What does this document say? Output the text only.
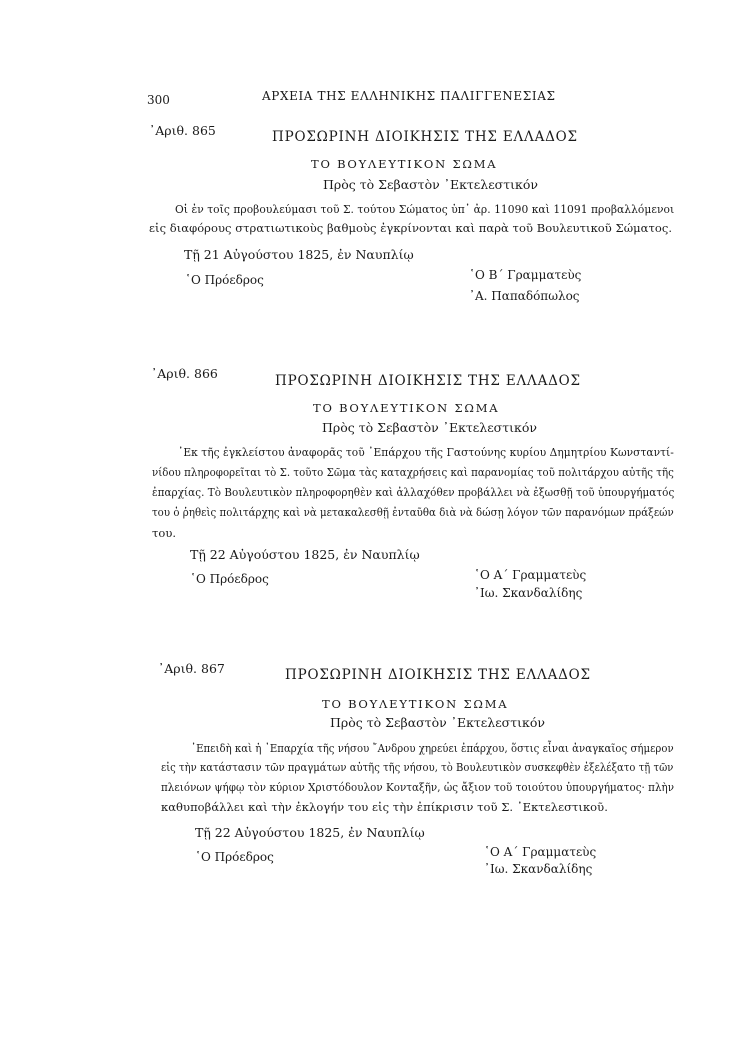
300	ΑΡΧΕΙΑ ΤΗΣ ΕΛΛΗΝΙΚΗΣ ΠΑΛΙΓΓΕΝΕΣΙΑΣ
᾽Αριθ. 865	ΠΡΟΣΩΡΙΝΗ ΔΙΟΙΚΗΣΙΣ ΤΗΣ ΕΛΛΑΔΟΣ
ΤΟ ΒΟΥΛΕΥΤΙΚΟΝ ΣΩΜΑ
Πρὸς τὸ Σεβαστὸν ᾽Εκτελεστικόν
Οἱ ἐν τοῖς προβουλεύμασι τοῦ Σ. τούτου Σώματος ὑπ᾽ ἀρ. 11090 καὶ 11091 προβαλλόμενοι
εἰς διαφόρους στρατιωτικοὺς βαθμοὺς ἐγκρίνονται καὶ παρὰ τοῦ Βουλευτικοῦ Σώματος.
Τῇ 21 Αὐγούστου 1825, ἐν Ναυπλίῳ
῾Ο Πρόεδρος	῾Ο Β΄ Γραμματεὺς
᾽Α. Παπαδόπωλος
᾽Αριθ. 866	ΠΡΟΣΩΡΙΝΗ ΔΙΟΙΚΗΣΙΣ ΤΗΣ ΕΛΛΑΔΟΣ
ΤΟ ΒΟΥΛΕΥΤΙΚΟΝ ΣΩΜΑ
Πρὸς τὸ Σεβαστὸν ᾽Εκτελεστικόν
᾽Εκ τῆς ἐγκλείστου ἀναφορᾶς τοῦ ᾽Επάρχου τῆς Γαστούνης κυρίου Δημητρίου Κωνσταντί-
νίδου πληροφορεῖται τὸ Σ. τοῦτο Σῶμα τὰς καταχρήσεις καὶ παρανομίας τοῦ πολιτάρχου αὐτῆς τῆς
ἐπαρχίας. Τὸ Βουλευτικὸν πληροφορηθὲν καὶ ἀλλαχόθεν προβάλλει νὰ ἐξωσθῇ τοῦ ὑπουργήματός
του ὁ ῥηθεὶς πολιτάρχης καὶ νὰ μετακαλεσθῇ ἐνταῦθα διὰ νὰ δώσῃ λόγον τῶν παρανόμων πράξεών
του.
Τῇ 22 Αὐγούστου 1825, ἐν Ναυπλίῳ
῾Ο Πρόεδρος	῾Ο Α΄ Γραμματεὺς
᾽Ιω. Σκανδαλίδης
᾽Αριθ. 867	ΠΡΟΣΩΡΙΝΗ ΔΙΟΙΚΗΣΙΣ ΤΗΣ ΕΛΛΑΔΟΣ
ΤΟ ΒΟΥΛΕΥΤΙΚΟΝ ΣΩΜΑ
Πρὸς τὸ Σεβαστὸν ᾽Εκτελεστικόν
᾽Επειδὴ καὶ ἡ ᾽Επαρχία τῆς νήσου ῎Ανδρου χηρεύει ἐπάρχου, ὅστις εἶναι ἀναγκαῖος σήμερον
εἰς τὴν κατάστασιν τῶν πραγμάτων αὐτῆς τῆς νήσου, τὸ Βουλευτικὸν συσκεφθὲν ἐξελέξατο τῇ τῶν
πλειόνων ψήφῳ τὸν κύριον Χριστόδουλον Κονταξῆν, ὡς ἄξιον τοῦ τοιούτου ὑπουργήματος· πλὴν
καθυποβάλλει καὶ τὴν ἐκλογήν του εἰς τὴν ἐπίκρισιν τοῦ Σ. ᾽Εκτελεστικοῦ.
Τῇ 22 Αὐγούστου 1825, ἐν Ναυπλίῳ
῾Ο Πρόεδρος	῾Ο Α΄ Γραμματεὺς
᾽Ιω. Σκανδαλίδης
